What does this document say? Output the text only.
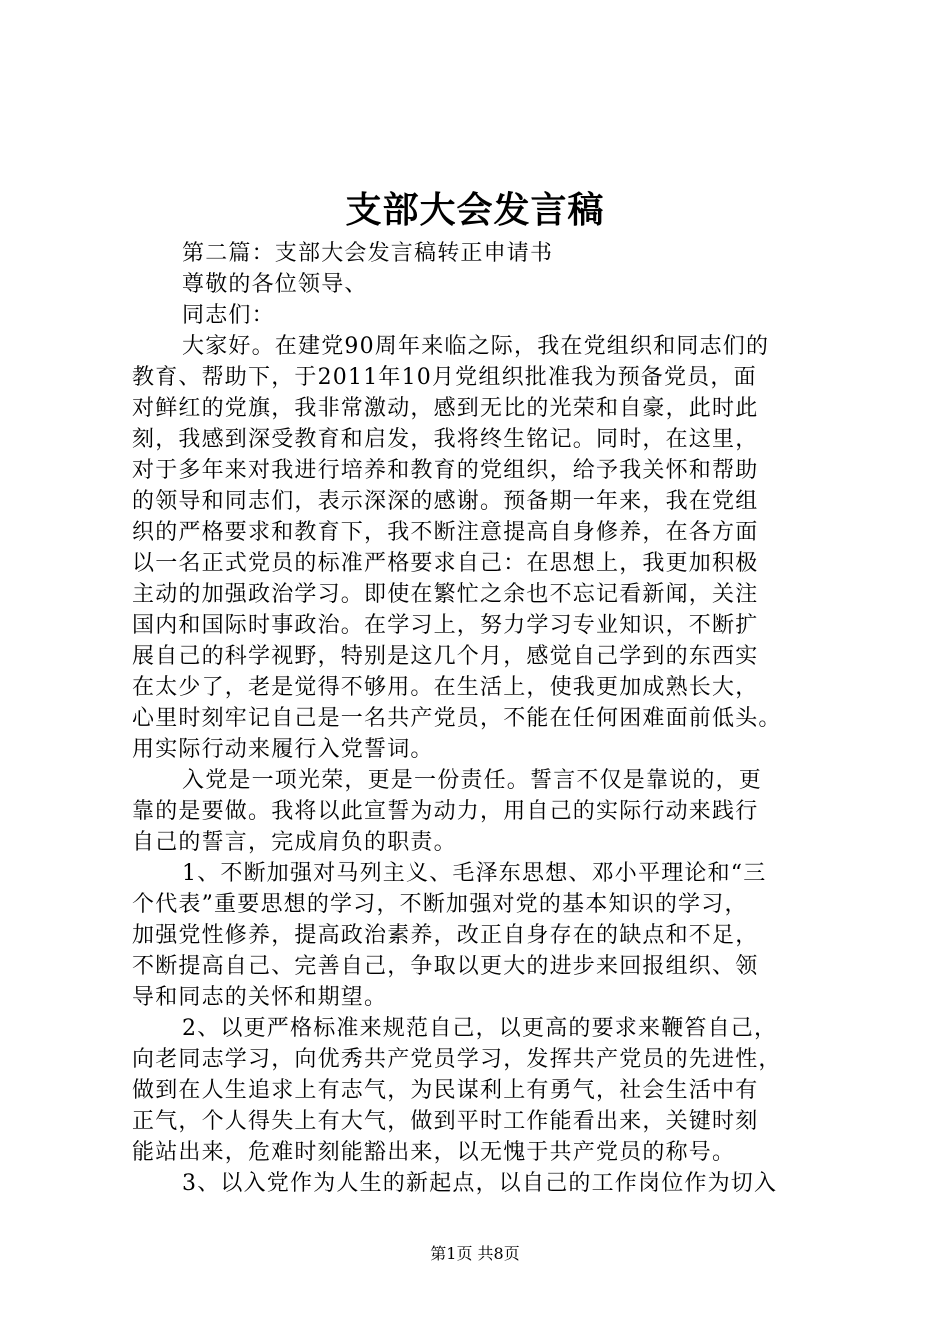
支部大会发言稿
第二篇：支部大会发言稿转正申请书
尊敬的各位领导、
同志们：
大家好。在建党90周年来临之际，我在党组织和同志们的
教育、帮助下，于2011年10月党组织批准我为预备党员，面
对鲜红的党旗，我非常激动，感到无比的光荣和自豪，此时此
刻，我感到深受教育和启发，我将终生铭记。同时，在这里，
对于多年来对我进行培养和教育的党组织，给予我关怀和帮助
的领导和同志们，表示深深的感谢。预备期一年来，我在党组
织的严格要求和教育下，我不断注意提高自身修养，在各方面
以一名正式党员的标准严格要求自己：在思想上，我更加积极
主动的加强政治学习。即使在繁忙之余也不忘记看新闻，关注
国内和国际时事政治。在学习上，努力学习专业知识，不断扩
展自己的科学视野，特别是这几个月，感觉自己学到的东西实
在太少了，老是觉得不够用。在生活上，使我更加成熟长大，
心里时刻牢记自己是一名共产党员，不能在任何困难面前低头。
用实际行动来履行入党誓词。
入党是一项光荣，更是一份责任。誓言不仅是靠说的，更
靠的是要做。我将以此宣誓为动力，用自己的实际行动来践行
自己的誓言，完成肩负的职责。
1、不断加强对马列主义、毛泽东思想、邓小平理论和“三
个代表”重要思想的学习，不断加强对党的基本知识的学习，
加强党性修养，提高政治素养，改正自身存在的缺点和不足，
不断提高自己、完善自己，争取以更大的进步来回报组织、领
导和同志的关怀和期望。
2、以更严格标准来规范自己，以更高的要求来鞭笞自己，
向老同志学习，向优秀共产党员学习，发挥共产党员的先进性，
做到在人生追求上有志气，为民谋利上有勇气，社会生活中有
正气，个人得失上有大气，做到平时工作能看出来，关键时刻
能站出来，危难时刻能豁出来，以无愧于共产党员的称号。
3、以入党作为人生的新起点，以自己的工作岗位作为切入
第1页 共8页
